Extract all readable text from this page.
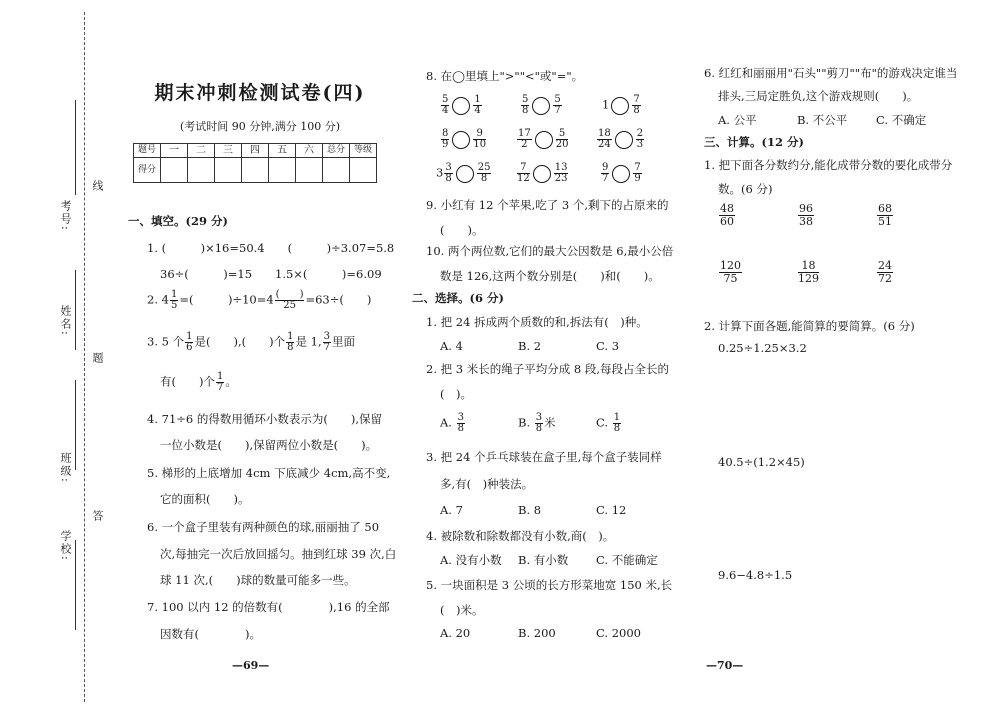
考号:
姓名:
班级:
学校:
线
题
答
期末冲刺检测试卷(四)
(考试时间 90 分钟,满分 100 分)
题号	一	二	三	四	五	六	总分	等级
得分								
一、填空。(29 分)
1. (　　　)×16=50.4　　(　　　)÷3.07=5.8
36÷(　　　)=15　　1.5×(　　　)=6.09
2. $4 \frac{1}{5}$ =(　　　)$\div 10=4 \frac{( )}{25} =63\div$(　　)
3. 5 个 $\frac{1}{6}$ 是(　　),(　　)个 $\frac{1}{8}$ 是 1, $\frac{3}{7}$ 里面
有(　　)个 $\frac{1}{7}$ 。
4. 71÷6 的得数用循环小数表示为(　　),保留
一位小数是(　　),保留两位小数是(　　)。
5. 梯形的上底增加 4cm 下底减少 4cm,高不变,
它的面积(　　)。
6. 一个盒子里装有两种颜色的球,丽丽抽了 50
次,每抽完一次后放回摇匀。抽到红球 39 次,白
球 11 次,(　　)球的数量可能多一些。
7. 100 以内 12 的倍数有(　　　　),16 的全部
因数有(　　　　)。
—69—
8. 在◯里填上">""<"或"="。
$\frac{5}{4} \frac{1}{4}$	$\frac{5}{8} \frac{5}{7}$	$1 \frac{7}{8}$
$\frac{8}{9} \frac{9}{10}$	$\frac{17}{2} \frac{5}{20}$	$\frac{18}{24} \frac{2}{3}$
$3 \frac{3}{8} \frac{25}{8}$	$\frac{7}{12} \frac{13}{23}$	$\frac{9}{7} \frac{7}{9}$
9. 小红有 12 个苹果,吃了 3 个,剩下的占原来的
(　　)。
10. 两个两位数,它们的最大公因数是 6,最小公倍
数是 126,这两个数分别是(　　)和(　　)。
二、选择。(6 分)
1. 把 24 拆成两个质数的和,拆法有(　)种。
A. 4	B. 2	C. 3
2. 把 3 米长的绳子平均分成 8 段,每段占全长的
(　)。
A. $\frac{3}{8}$	B. $\frac{3}{8}$ 米	C. $\frac{1}{8}$
3. 把 24 个乒乓球装在盒子里,每个盒子装同样
多,有(　)种装法。
A. 7	B. 8	C. 12
4. 被除数和除数都没有小数,商(　)。
A. 没有小数 B. 有小数 C. 不能确定
5. 一块面积是 3 公顷的长方形菜地宽 150 米,长
(　)米。
A. 20	B. 200	C. 2000
6. 红红和丽丽用"石头""剪刀""布"的游戏决定谁当
排头,三局定胜负,这个游戏规则(　　)。
A. 公平	B. 不公平 C. 不确定
三、计算。(12 分)
1. 把下面各分数约分,能化成带分数的要化成带分
数。(6 分)
$\frac{48}{60}$	$\frac{96}{38}$	$\frac{68}{51}$
$\frac{120}{75}$	$\frac{18}{129}$	$\frac{24}{72}$
2. 计算下面各题,能简算的要简算。(6 分)
0.25÷1.25×3.2
40.5÷(1.2×45)
9.6−4.8÷1.5
—70—
